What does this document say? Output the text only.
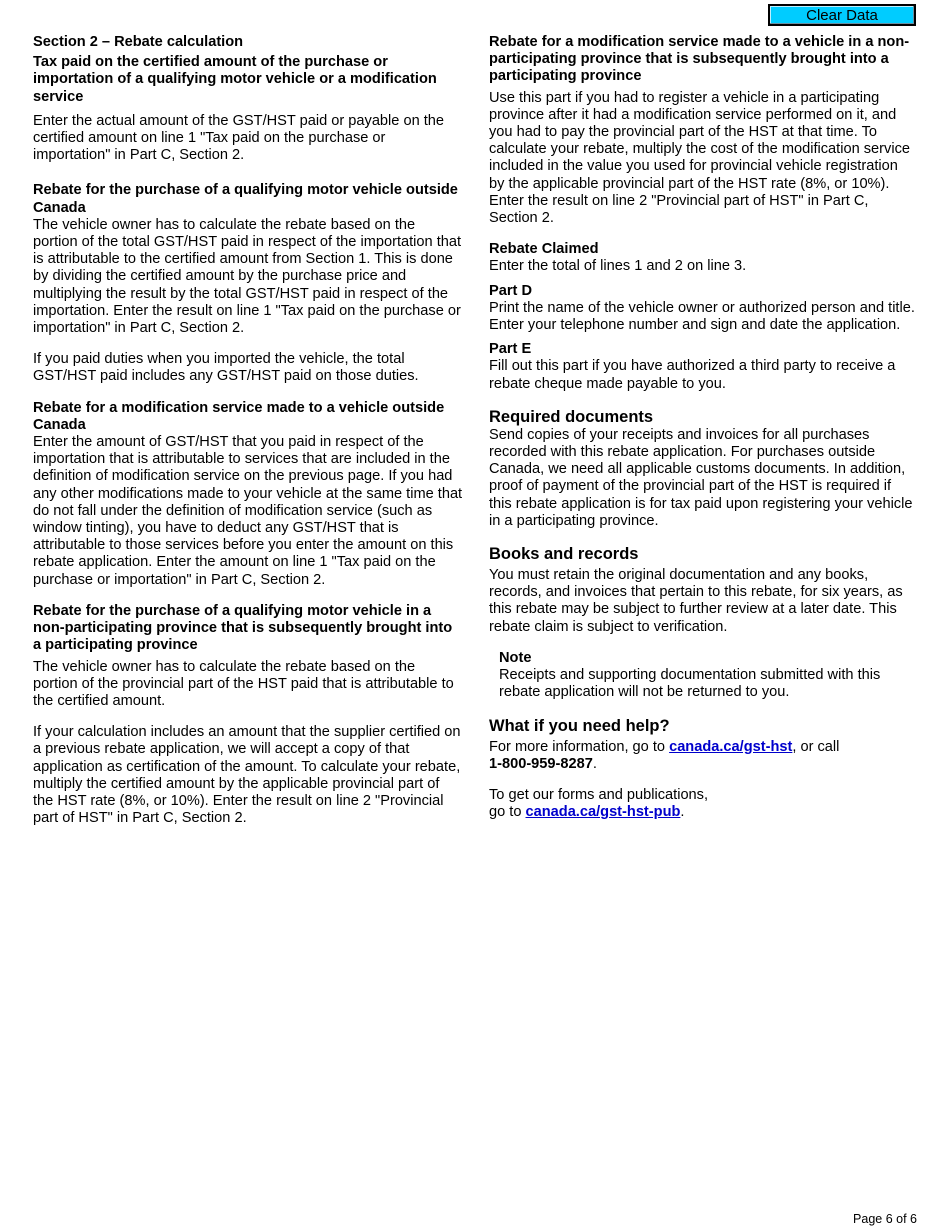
Clear Data

Section 2 – Rebate calculation

Tax paid on the certified amount of the purchase or importation of a qualifying motor vehicle or a modification service

Enter the actual amount of the GST/HST paid or payable on the certified amount on line 1 "Tax paid on the purchase or importation" in Part C, Section 2.

Rebate for the purchase of a qualifying motor vehicle outside Canada

The vehicle owner has to calculate the rebate based on the portion of the total GST/HST paid in respect of the importation that is attributable to the certified amount from Section 1. This is done by dividing the certified amount by the purchase price and multiplying the result by the total GST/HST paid in respect of the importation. Enter the result on line 1 "Tax paid on the purchase or importation" in Part C, Section 2.

If you paid duties when you imported the vehicle, the total GST/HST paid includes any GST/HST paid on those duties.

Rebate for a modification service made to a vehicle outside Canada

Enter the amount of GST/HST that you paid in respect of the importation that is attributable to services that are included in the definition of modification service on the previous page. If you had any other modifications made to your vehicle at the same time that do not fall under the definition of modification service (such as window tinting), you have to deduct any GST/HST that is attributable to those services before you enter the amount on this rebate application. Enter the amount on line 1 "Tax paid on the purchase or importation" in Part C, Section 2.

Rebate for the purchase of a qualifying motor vehicle in a non-participating province that is subsequently brought into a participating province

The vehicle owner has to calculate the rebate based on the portion of the provincial part of the HST paid that is attributable to the certified amount.

If your calculation includes an amount that the supplier certified on a previous rebate application, we will accept a copy of that application as certification of the amount. To calculate your rebate, multiply the certified amount by the applicable provincial part of the HST rate (8%, or 10%). Enter the result on line 2 "Provincial part of HST" in Part C, Section 2.

Rebate for a modification service made to a vehicle in a non-participating province that is subsequently brought into a participating province

Use this part if you had to register a vehicle in a participating province after it had a modification service performed on it, and you had to pay the provincial part of the HST at that time. To calculate your rebate, multiply the cost of the modification service included in the value you used for provincial vehicle registration by the applicable provincial part of the HST rate (8%, or 10%). Enter the result on line 2 "Provincial part of HST" in Part C, Section 2.

Rebate Claimed

Enter the total of lines 1 and 2 on line 3.

Part D

Print the name of the vehicle owner or authorized person and title. Enter your telephone number and sign and date the application.

Part E

Fill out this part if you have authorized a third party to receive a rebate cheque made payable to you.

Required documents

Send copies of your receipts and invoices for all purchases recorded with this rebate application. For purchases outside Canada, we need all applicable customs documents. In addition, proof of payment of the provincial part of the HST is required if this rebate application is for tax paid upon registering your vehicle in a participating province.

Books and records

You must retain the original documentation and any books, records, and invoices that pertain to this rebate, for six years, as this rebate may be subject to further review at a later date. This rebate claim is subject to verification.

Note

Receipts and supporting documentation submitted with this rebate application will not be returned to you.

What if you need help?

For more information, go to canada.ca/gst-hst, or call
1-800-959-8287.

To get our forms and publications,
go to canada.ca/gst-hst-pub.

Page 6 of 6
